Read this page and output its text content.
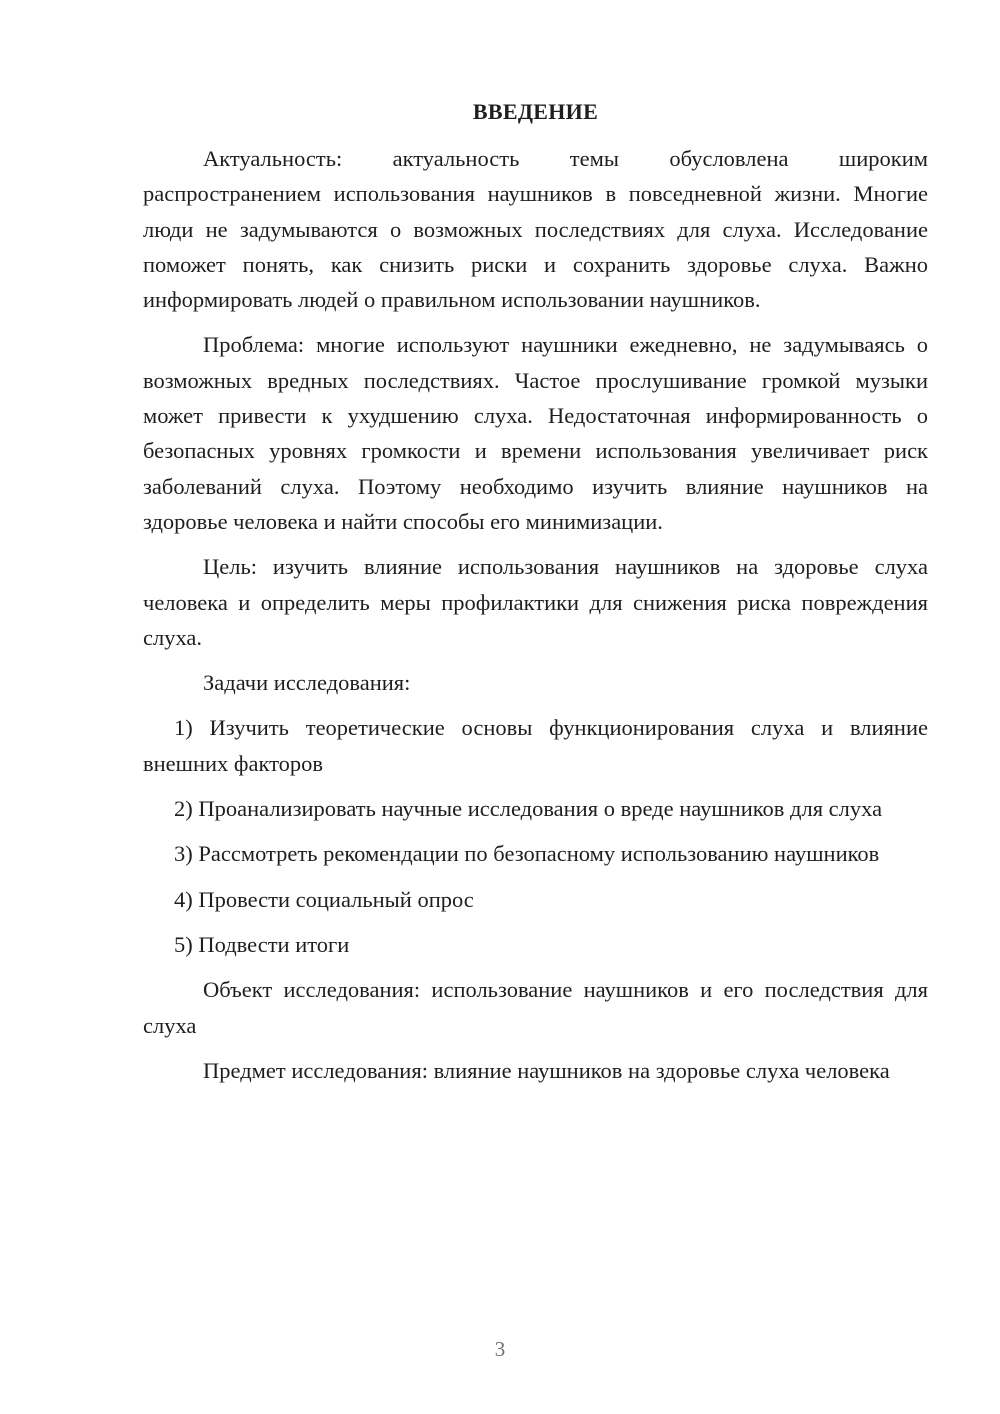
ВВЕДЕНИЕ

Актуальность: актуальность темы обусловлена широким распространением использования наушников в повседневной жизни. Многие люди не задумываются о возможных последствиях для слуха. Исследование поможет понять, как снизить риски и сохранить здоровье слуха. Важно информировать людей о правильном использовании наушников.

Проблема: многие используют наушники ежедневно, не задумываясь о возможных вредных последствиях. Частое прослушивание громкой музыки может привести к ухудшению слуха. Недостаточная информированность о безопасных уровнях громкости и времени использования увеличивает риск заболеваний слуха. Поэтому необходимо изучить влияние наушников на здоровье человека и найти способы его минимизации.

Цель: изучить влияние использования наушников на здоровье слуха человека и определить меры профилактики для снижения риска повреждения слуха.

Задачи исследования:

1) Изучить теоретические основы функционирования слуха и влияние внешних факторов

2) Проанализировать научные исследования о вреде наушников для слуха

3) Рассмотреть рекомендации по безопасному использованию наушников

4) Провести социальный опрос

5) Подвести итоги

Объект исследования: использование наушников и его последствия для слуха

Предмет исследования: влияние наушников на здоровье слуха человека

3
